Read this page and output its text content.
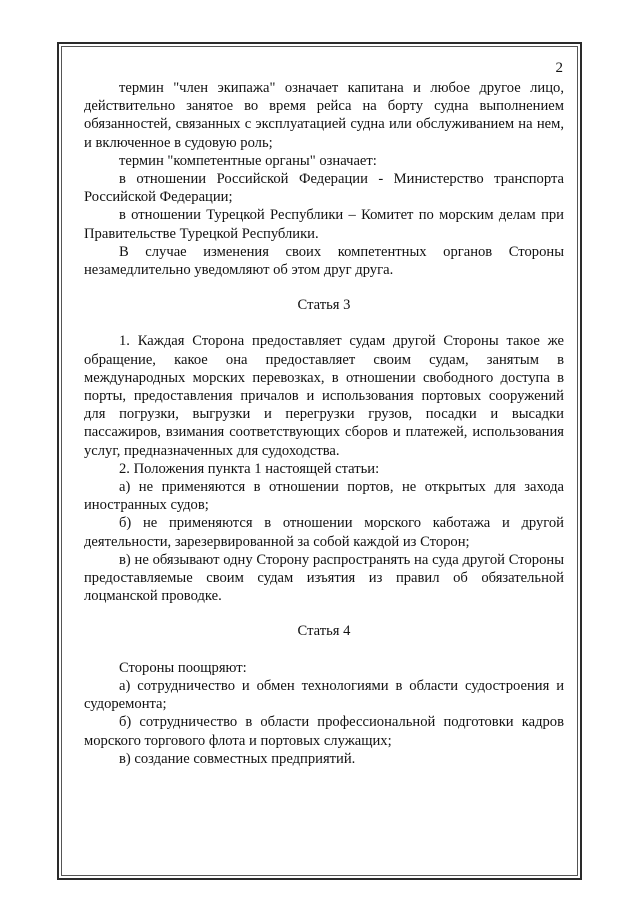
2

термин "член экипажа" означает капитана и любое другое лицо, действительно занятое во время рейса на борту судна выполнением обязанностей, связанных с эксплуатацией судна или обслуживанием на нем, и включенное в судовую роль;

термин "компетентные органы" означает:

в отношении Российской Федерации - Министерство транспорта Российской Федерации;

в отношении Турецкой Республики – Комитет по морским делам при Правительстве Турецкой Республики.

В случае изменения своих компетентных органов Стороны незамедлительно уведомляют об этом друг друга.

Статья 3

1. Каждая Сторона предоставляет судам другой Стороны такое же обращение, какое она предоставляет своим судам, занятым в международных морских перевозках, в отношении свободного доступа в порты, предоставления причалов и использования портовых сооружений для погрузки, выгрузки и перегрузки грузов, посадки и высадки пассажиров, взимания соответствующих сборов и платежей, использования услуг, предназначенных для судоходства.

2. Положения пункта 1 настоящей статьи:

а) не применяются в отношении портов, не открытых для захода иностранных судов;

б) не применяются в отношении морского каботажа и другой деятельности, зарезервированной за собой каждой из Сторон;

в) не обязывают одну Сторону распространять на суда другой Стороны предоставляемые своим судам изъятия из правил об обязательной лоцманской проводке.

Статья 4

Стороны поощряют:

а) сотрудничество и обмен технологиями в области судостроения и судоремонта;

б) сотрудничество в области профессиональной подготовки кадров морского торгового флота и портовых служащих;

в) создание совместных предприятий.
